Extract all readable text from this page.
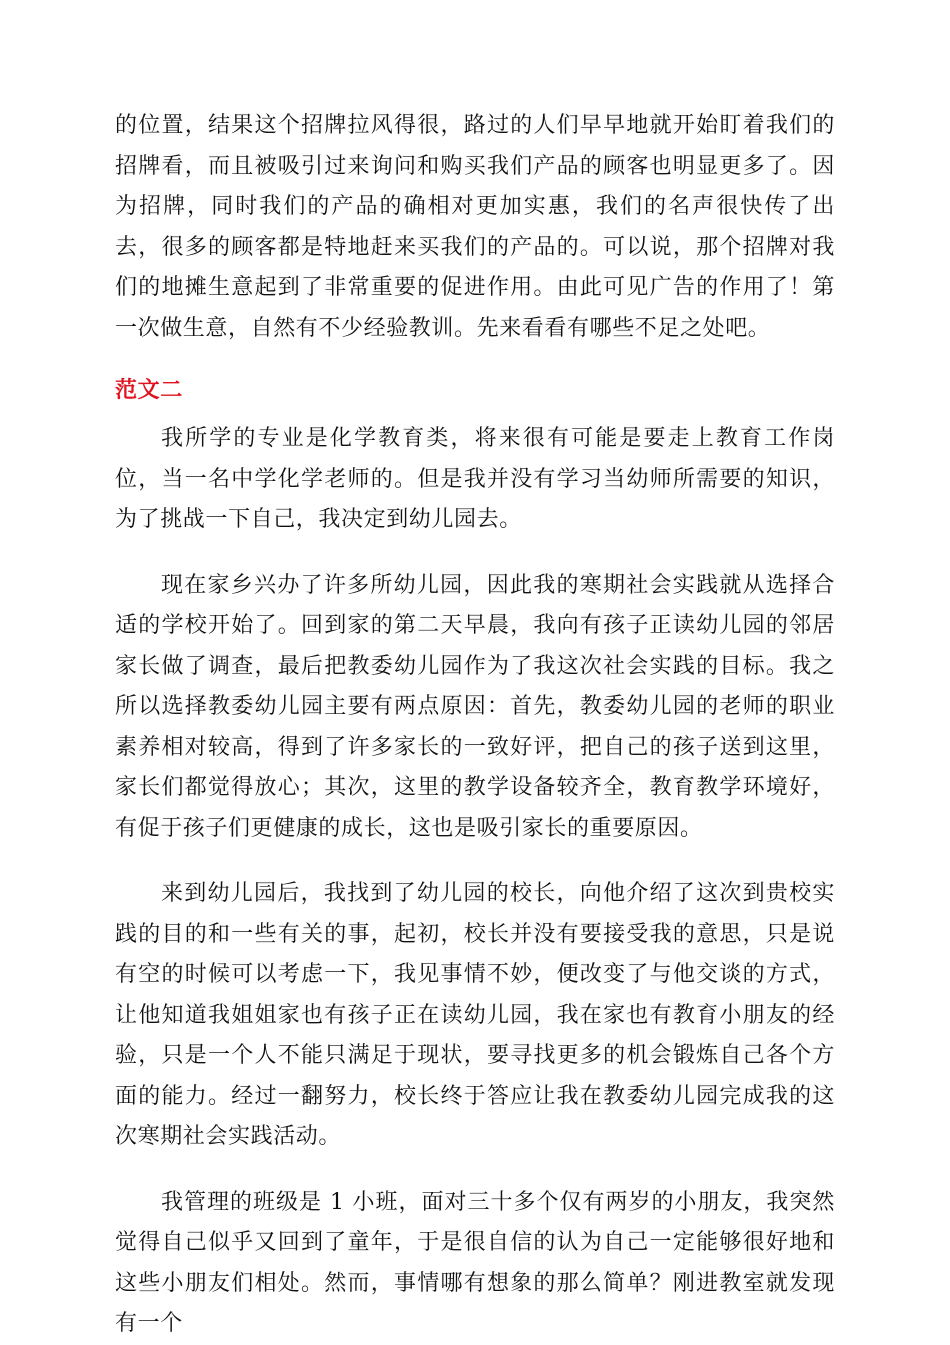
的位置，结果这个招牌拉风得很，路过的人们早早地就开始盯着我们的招牌看，而且被吸引过来询问和购买我们产品的顾客也明显更多了。因为招牌，同时我们的产品的确相对更加实惠，我们的名声很快传了出去，很多的顾客都是特地赶来买我们的产品的。可以说，那个招牌对我们的地摊生意起到了非常重要的促进作用。由此可见广告的作用了！第一次做生意，自然有不少经验教训。先来看看有哪些不足之处吧。

范文二

我所学的专业是化学教育类，将来很有可能是要走上教育工作岗位，当一名中学化学老师的。但是我并没有学习当幼师所需要的知识，为了挑战一下自己，我决定到幼儿园去。

现在家乡兴办了许多所幼儿园，因此我的寒期社会实践就从选择合适的学校开始了。回到家的第二天早晨，我向有孩子正读幼儿园的邻居家长做了调查，最后把教委幼儿园作为了我这次社会实践的目标。我之所以选择教委幼儿园主要有两点原因：首先，教委幼儿园的老师的职业素养相对较高，得到了许多家长的一致好评，把自己的孩子送到这里，家长们都觉得放心；其次，这里的教学设备较齐全，教育教学环境好，有促于孩子们更健康的成长，这也是吸引家长的重要原因。

来到幼儿园后，我找到了幼儿园的校长，向他介绍了这次到贵校实践的目的和一些有关的事，起初，校长并没有要接受我的意思，只是说有空的时候可以考虑一下，我见事情不妙，便改变了与他交谈的方式，让他知道我姐姐家也有孩子正在读幼儿园，我在家也有教育小朋友的经验，只是一个人不能只满足于现状，要寻找更多的机会锻炼自己各个方面的能力。经过一翻努力，校长终于答应让我在教委幼儿园完成我的这次寒期社会实践活动。

我管理的班级是 1 小班，面对三十多个仅有两岁的小朋友，我突然觉得自己似乎又回到了童年，于是很自信的认为自己一定能够很好地和这些小朋友们相处。然而，事情哪有想象的那么简单？刚进教室就发现有一个
